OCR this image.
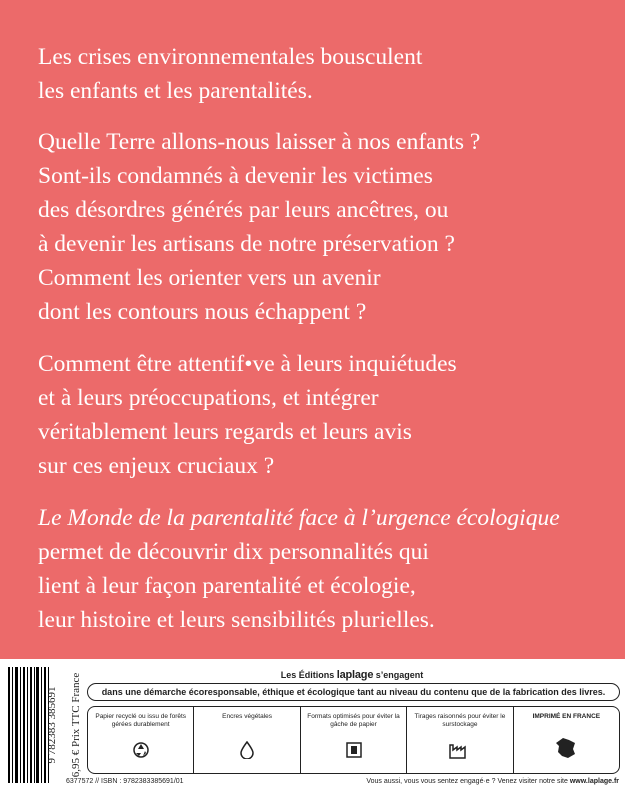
Les crises environnementales bousculent
les enfants et les parentalités.
Quelle Terre allons-nous laisser à nos enfants ?
Sont-ils condamnés à devenir les victimes
des désordres générés par leurs ancêtres, ou
à devenir les artisans de notre préservation ?
Comment les orienter vers un avenir
dont les contours nous échappent ?
Comment être attentif•ve à leurs inquiétudes
et à leurs préoccupations, et intégrer
véritablement leurs regards et leurs avis
sur ces enjeux cruciaux ?
Le Monde de la parentalité face à l’urgence écologique
permet de découvrir dix personnalités qui
lient à leur façon parentalité et écologie,
leur histoire et leurs sensibilités plurielles.
9 782383 385691 6,95 € Prix TTC France	Les Éditions laplage s’engagent
dans une démarche écoresponsable, éthique et écologique tant au niveau du contenu que de la fabrication des livres.
Papier recyclé ou issu de forêts gérées durablement
Encres végétales	Formats optimisés pour éviter la gâche de papier
Tirages raisonnés pour éviter le surstockage
IMPRIMÉ EN FRANCE
6377572 // ISBN : 9782383385691/01	Vous aussi, vous vous sentez engagé·e ? Venez visiter notre site www.laplage.fr
